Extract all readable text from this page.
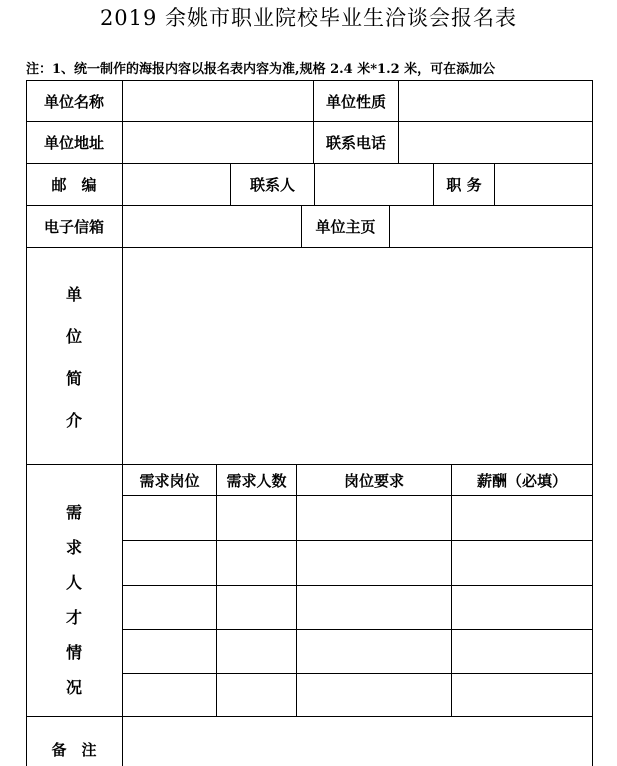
2019 余姚市职业院校毕业生洽谈会报名表
注：1、统一制作的海报内容以报名表内容为准,规格 2.4 米*1.2 米，可在添加公
单位名称	单位性质
单位地址	联系电话
邮　编	联系人	职 务
电子信箱	单位主页
单
位
简
介
需
求
人
才
情
况
需求岗位	需求人数	岗位要求	薪酬（必填）
备　注
